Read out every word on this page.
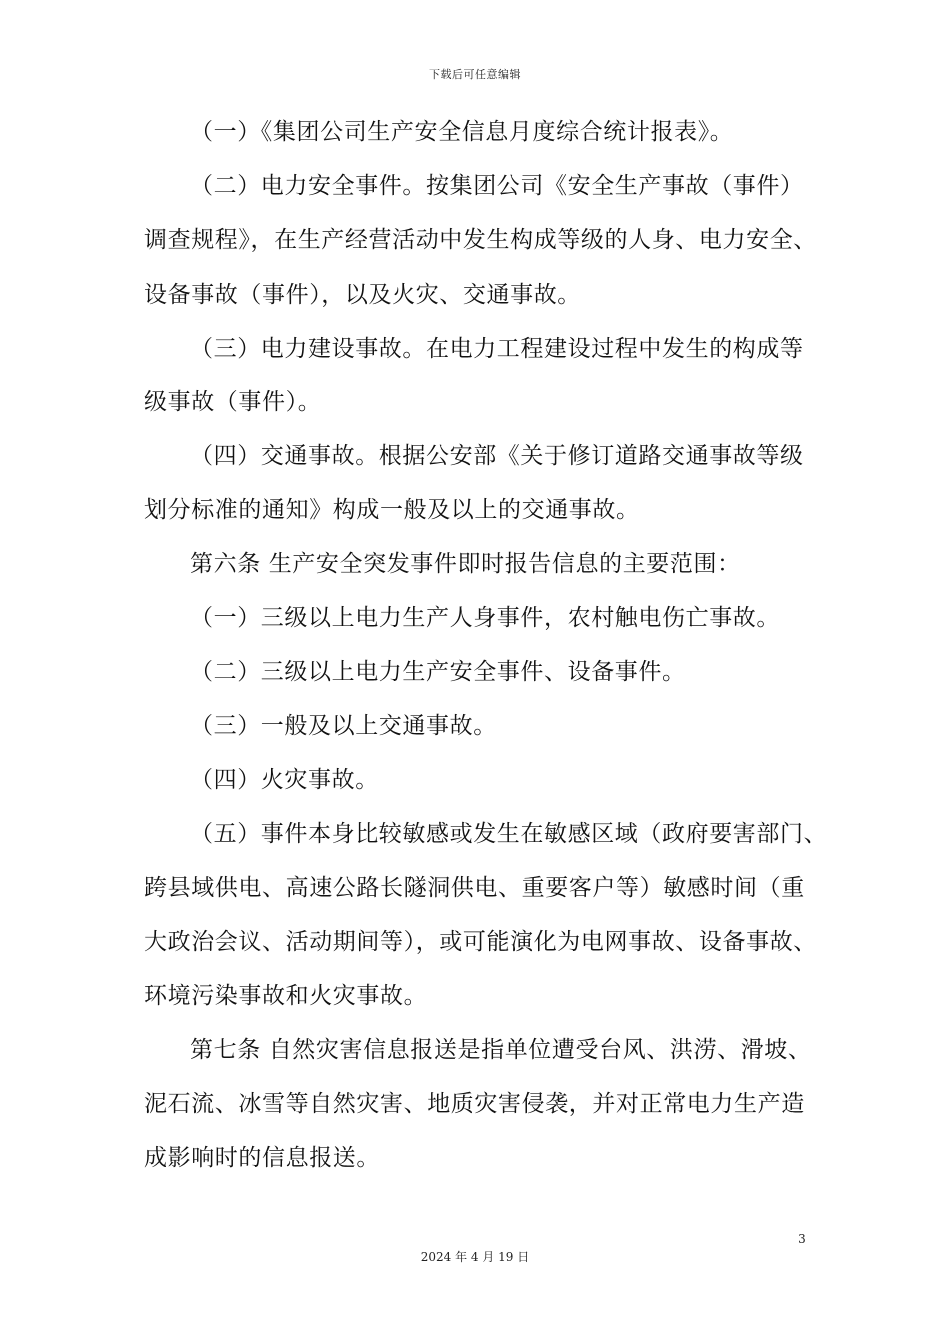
下载后可任意编辑
（一）《集团公司生产安全信息月度综合统计报表》。
（二）电力安全事件。按集团公司《安全生产事故（事件）
调查规程》，在生产经营活动中发生构成等级的人身、电力安全、
设备事故（事件），以及火灾、交通事故。
（三）电力建设事故。在电力工程建设过程中发生的构成等
级事故（事件）。
（四）交通事故。根据公安部《关于修订道路交通事故等级
划分标准的通知》构成一般及以上的交通事故。
第六条 生产安全突发事件即时报告信息的主要范围：
（一）三级以上电力生产人身事件，农村触电伤亡事故。
（二）三级以上电力生产安全事件、设备事件。
（三）一般及以上交通事故。
（四）火灾事故。
（五）事件本身比较敏感或发生在敏感区域（政府要害部门、
跨县域供电、高速公路长隧洞供电、重要客户等）敏感时间（重
大政治会议、活动期间等），或可能演化为电网事故、设备事故、
环境污染事故和火灾事故。
第七条 自然灾害信息报送是指单位遭受台风、洪涝、滑坡、
泥石流、冰雪等自然灾害、地质灾害侵袭，并对正常电力生产造
成影响时的信息报送。
3
2024 年 4 月 19 日
